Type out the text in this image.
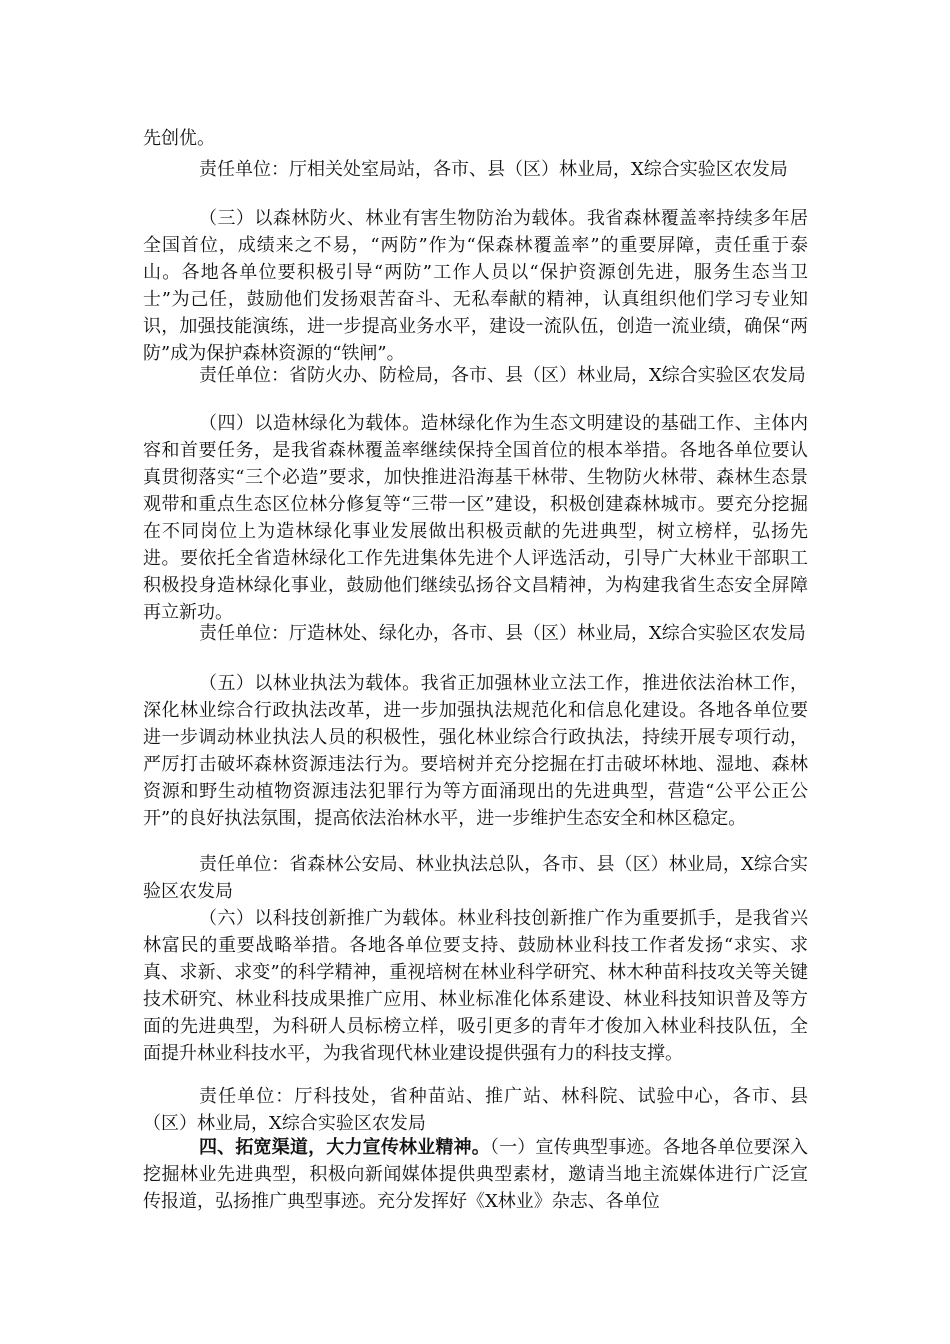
先创优。

责任单位：厅相关处室局站，各市、县（区）林业局，X综合实验区农发局

（三）以森林防火、林业有害生物防治为载体。我省森林覆盖率持续多年居全国首位，成绩来之不易，“两防”作为“保森林覆盖率”的重要屏障，责任重于泰山。各地各单位要积极引导“两防”工作人员以“保护资源创先进，服务生态当卫士”为己任，鼓励他们发扬艰苦奋斗、无私奉献的精神，认真组织他们学习专业知识，加强技能演练，进一步提高业务水平，建设一流队伍，创造一流业绩，确保“两防”成为保护森林资源的“铁闸”。

责任单位：省防火办、防检局，各市、县（区）林业局，X综合实验区农发局

（四）以造林绿化为载体。造林绿化作为生态文明建设的基础工作、主体内容和首要任务，是我省森林覆盖率继续保持全国首位的根本举措。各地各单位要认真贯彻落实“三个必造”要求，加快推进沿海基干林带、生物防火林带、森林生态景观带和重点生态区位林分修复等“三带一区”建设，积极创建森林城市。要充分挖掘在不同岗位上为造林绿化事业发展做出积极贡献的先进典型，树立榜样，弘扬先进。要依托全省造林绿化工作先进集体先进个人评选活动，引导广大林业干部职工积极投身造林绿化事业，鼓励他们继续弘扬谷文昌精神，为构建我省生态安全屏障再立新功。

责任单位：厅造林处、绿化办，各市、县（区）林业局，X综合实验区农发局

（五）以林业执法为载体。我省正加强林业立法工作，推进依法治林工作，深化林业综合行政执法改革，进一步加强执法规范化和信息化建设。各地各单位要进一步调动林业执法人员的积极性，强化林业综合行政执法，持续开展专项行动，严厉打击破坏森林资源违法行为。要培树并充分挖掘在打击破坏林地、湿地、森林资源和野生动植物资源违法犯罪行为等方面涌现出的先进典型，营造“公平公正公开”的良好执法氛围，提高依法治林水平，进一步维护生态安全和林区稳定。

责任单位：省森林公安局、林业执法总队，各市、县（区）林业局，X综合实验区农发局

（六）以科技创新推广为载体。林业科技创新推广作为重要抓手，是我省兴林富民的重要战略举措。各地各单位要支持、鼓励林业科技工作者发扬“求实、求真、求新、求变”的科学精神，重视培树在林业科学研究、林木种苗科技攻关等关键技术研究、林业科技成果推广应用、林业标准化体系建设、林业科技知识普及等方面的先进典型，为科研人员标榜立样，吸引更多的青年才俊加入林业科技队伍，全面提升林业科技水平，为我省现代林业建设提供强有力的科技支撑。

责任单位：厅科技处，省种苗站、推广站、林科院、试验中心，各市、县（区）林业局，X综合实验区农发局

四、拓宽渠道，大力宣传林业精神。（一）宣传典型事迹。各地各单位要深入挖掘林业先进典型，积极向新闻媒体提供典型素材，邀请当地主流媒体进行广泛宣传报道，弘扬推广典型事迹。充分发挥好《X林业》杂志、各单位
